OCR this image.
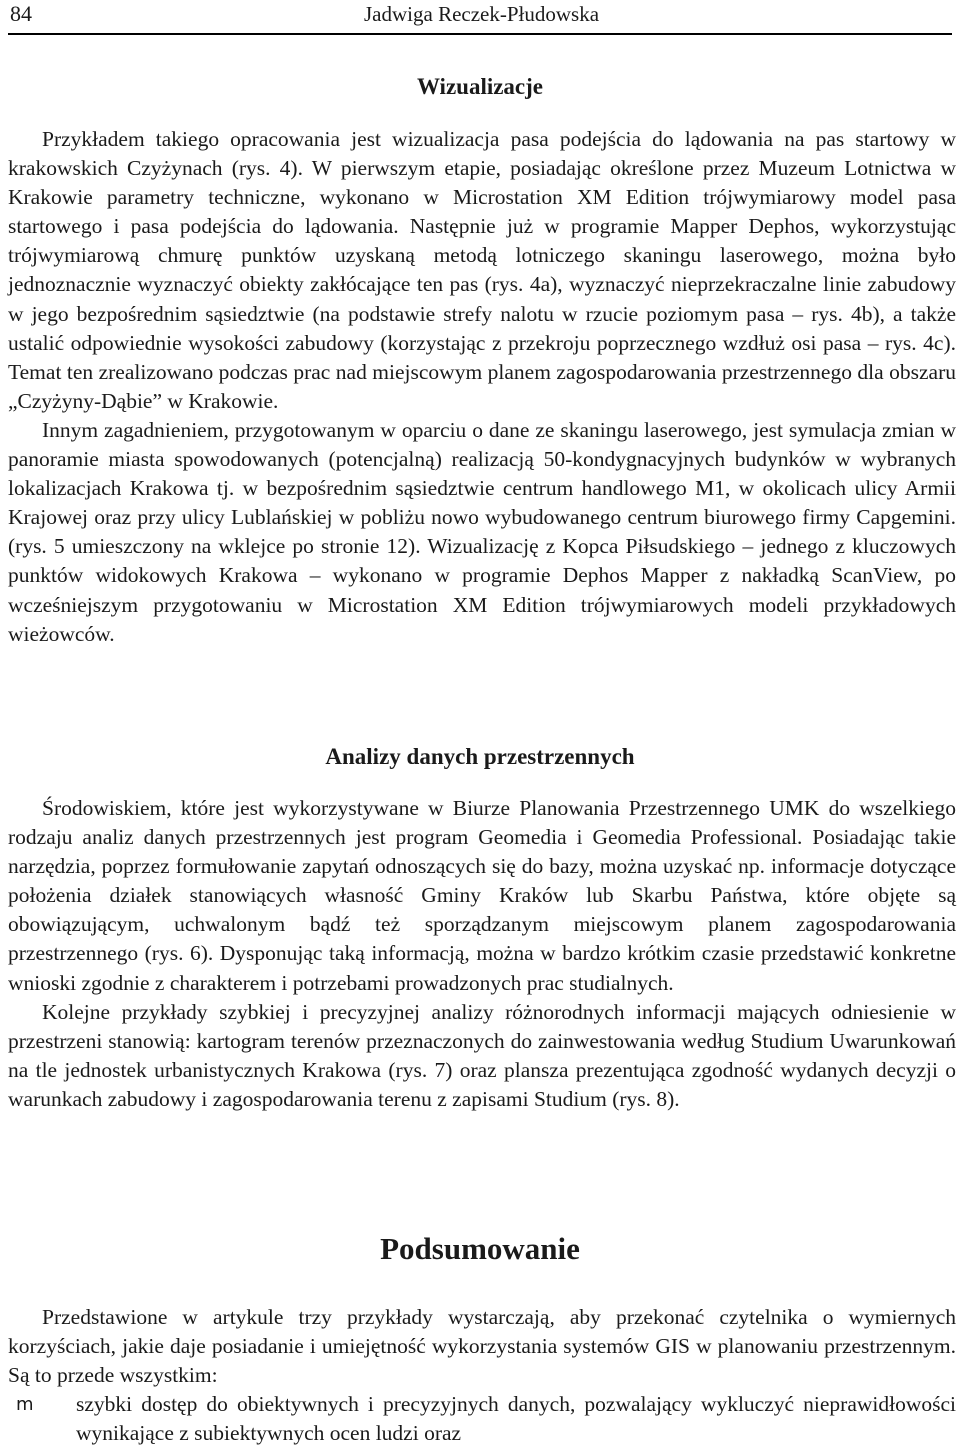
84	Jadwiga Reczek-Płudowska
Wizualizacje

Przykładem takiego opracowania jest wizualizacja pasa podejścia do lądowania na pas startowy w krakowskich Czyżynach (rys. 4). W pierwszym etapie, posiadając określone przez Muzeum Lotnictwa w Krakowie parametry techniczne, wykonano w Microstation XM Edition trójwymiarowy model pasa startowego i pasa podejścia do lądowania. Następnie już w programie Mapper Dephos, wykorzystując trójwymiarową chmurę punktów uzyskaną metodą lotniczego skaningu laserowego, można było jednoznacznie wyznaczyć obiekty zakłócające ten pas (rys. 4a), wyznaczyć nieprzekraczalne linie zabudowy w jego bezpośrednim sąsiedztwie (na podstawie strefy nalotu w rzucie poziomym pasa – rys. 4b), a także ustalić odpowiednie wysokości zabudowy (korzystając z przekroju poprzecznego wzdłuż osi pasa – rys. 4c). Temat ten zrealizowano podczas prac nad miejscowym planem zagospodarowania przestrzennego dla obszaru „Czyżyny-Dąbie” w Krakowie.

Innym zagadnieniem, przygotowanym w oparciu o dane ze skaningu laserowego, jest symulacja zmian w panoramie miasta spowodowanych (potencjalną) realizacją 50-kondygnacyjnych budynków w wybranych lokalizacjach Krakowa tj. w bezpośrednim sąsiedztwie centrum handlowego M1, w okolicach ulicy Armii Krajowej oraz przy ulicy Lublańskiej w pobliżu nowo wybudowanego centrum biurowego firmy Capgemini. (rys. 5 umieszczony na wklejce po stronie 12). Wizualizację z Kopca Piłsudskiego – jednego z kluczowych punktów widokowych Krakowa – wykonano w programie Dephos Mapper z nakładką ScanView, po wcześniejszym przygotowaniu w Microstation XM Edition trójwymiarowych modeli przykładowych wieżowców.

Analizy danych przestrzennych

Środowiskiem, które jest wykorzystywane w Biurze Planowania Przestrzennego UMK do wszelkiego rodzaju analiz danych przestrzennych jest program Geomedia i Geomedia Professional. Posiadając takie narzędzia, poprzez formułowanie zapytań odnoszących się do bazy, można uzyskać np. informacje dotyczące położenia działek stanowiących własność Gminy Kraków lub Skarbu Państwa, które objęte są obowiązującym, uchwalonym bądź też sporządzanym miejscowym planem zagospodarowania przestrzennego (rys. 6). Dysponując taką informacją, można w bardzo krótkim czasie przedstawić konkretne wnioski zgodnie z charakterem i potrzebami prowadzonych prac studialnych.

Kolejne przykłady szybkiej i precyzyjnej analizy różnorodnych informacji mających odniesienie w przestrzeni stanowią: kartogram terenów przeznaczonych do zainwestowania według Studium Uwarunkowań na tle jednostek urbanistycznych Krakowa (rys. 7) oraz plansza prezentująca zgodność wydanych decyzji o warunkach zabudowy i zagospodarowania terenu z zapisami Studium (rys. 8).

Podsumowanie

Przedstawione w artykule trzy przykłady wystarczają, aby przekonać czytelnika o wymiernych korzyściach, jakie daje posiadanie i umiejętność wykorzystania systemów GIS w planowaniu przestrzennym. Są to przede wszystkim:

m szybki dostęp do obiektywnych i precyzyjnych danych, pozwalający wykluczyć nieprawidłowości wynikające z subiektywnych ocen ludzi oraz
